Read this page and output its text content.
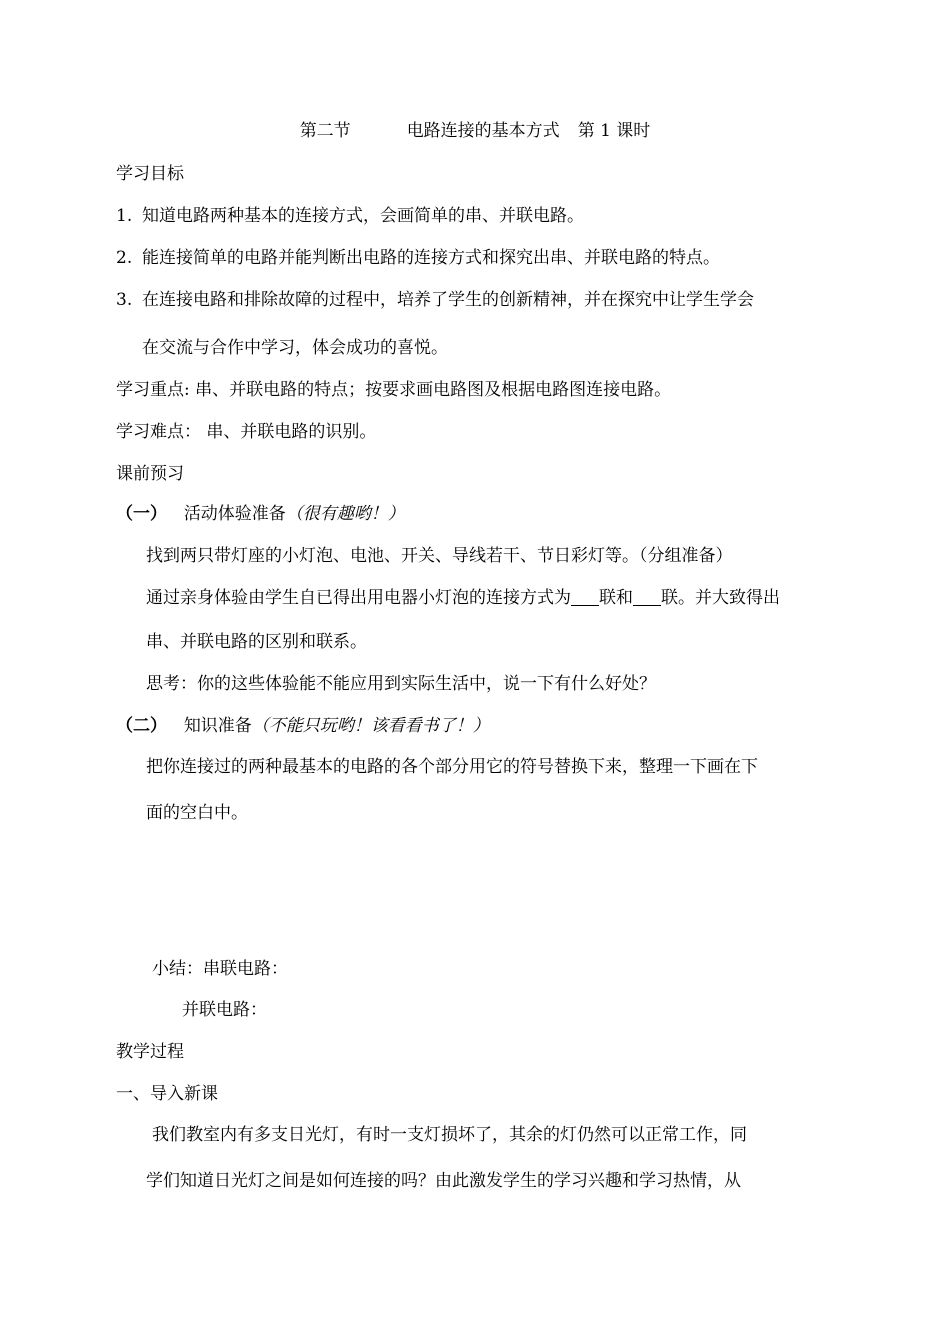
第二节	电路连接的基本方式 第 1 课时
学习目标
1. 知道电路两种基本的连接方式，会画简单的串、并联电路。
2. 能连接简单的电路并能判断出电路的连接方式和探究出串、并联电路的特点。
3. 在连接电路和排除故障的过程中，培养了学生的创新精神，并在探究中让学生学会
在交流与合作中学习，体会成功的喜悦。
学习重点: 串、并联电路的特点；按要求画电路图及根据电路图连接电路。
学习难点： 串、并联电路的识别。
课前预习
（一） 活动体验准备（很有趣哟！）
找到两只带灯座的小灯泡、电池、开关、导线若干、节日彩灯等。（分组准备）
通过亲身体验由学生自已得出用电器小灯泡的连接方式为 联和 联。并大致得出
串、并联电路的区别和联系。
思考：你的这些体验能不能应用到实际生活中，说一下有什么好处？
（二） 知识准备（不能只玩哟！该看看书了！）
把你连接过的两种最基本的电路的各个部分用它的符号替换下来，整理一下画在下
面的空白中。
小结：串联电路：
并联电路：
教学过程
一、导入新课
我们教室内有多支日光灯，有时一支灯损坏了，其余的灯仍然可以正常工作，同
学们知道日光灯之间是如何连接的吗？由此激发学生的学习兴趣和学习热情，从
